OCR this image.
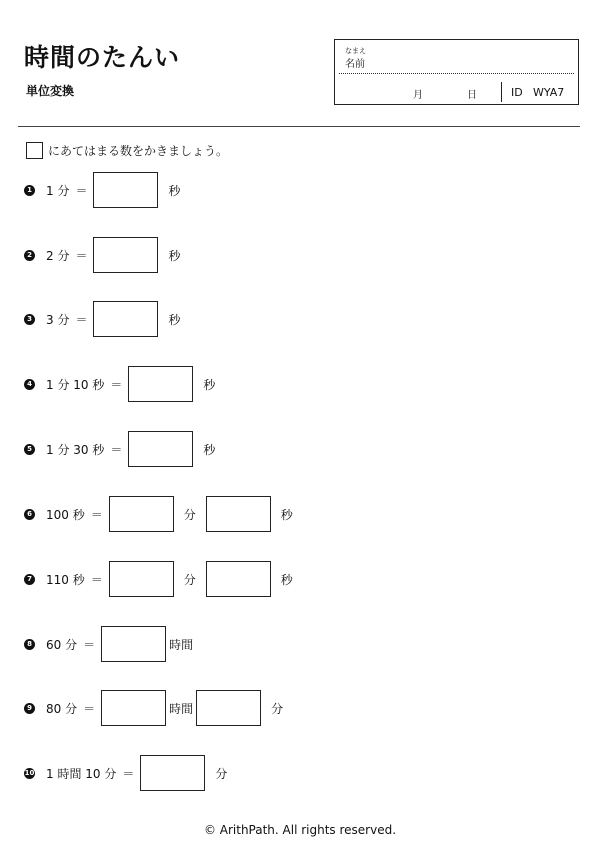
時間のたんい
単位変換
なまえ
名前
月	日	ID WYA7
にあてはまる数をかきましょう。
1 1 分 ＝	秒
2 2 分 ＝	秒
3 3 分 ＝	秒
4 1 分 10 秒 ＝	秒
5 1 分 30 秒 ＝	秒
6 100 秒 ＝	分	秒
7 110 秒 ＝	分	秒
8 60 分 ＝	時間
9 80 分 ＝	時間	分
10 1 時間 10 分 ＝	分
© ArithPath. All rights reserved.
